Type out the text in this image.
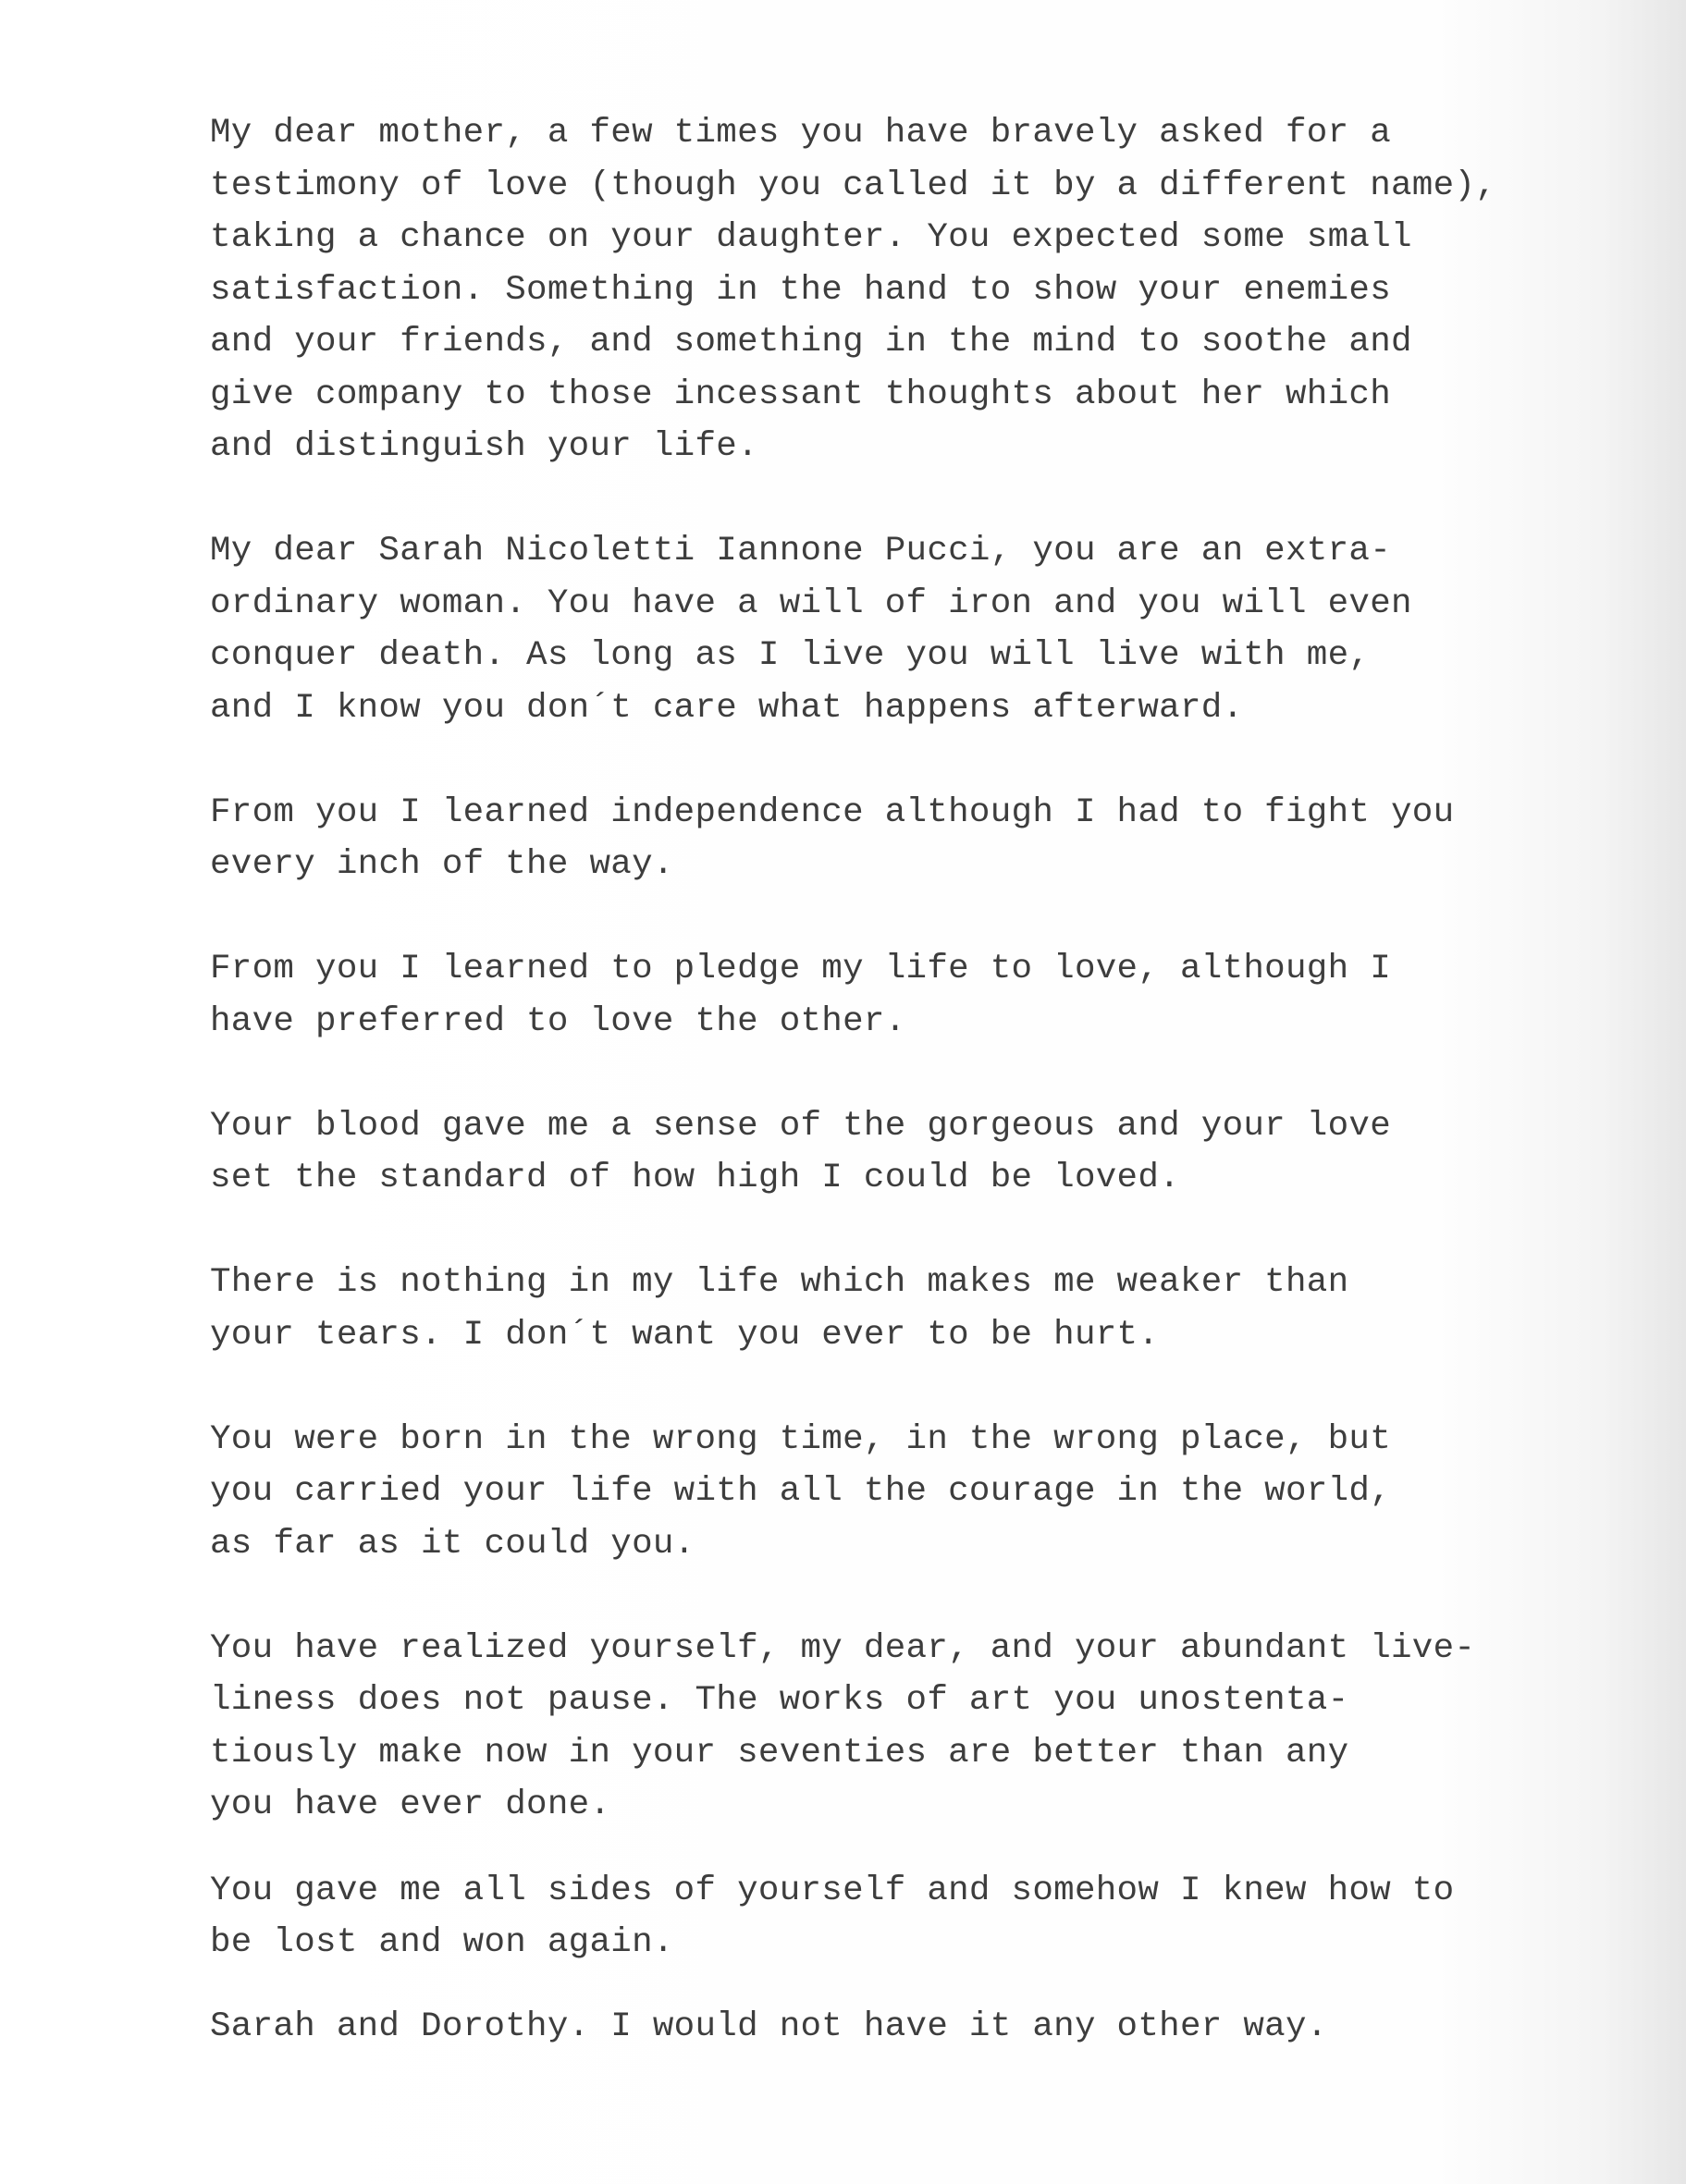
My dear mother, a few times you have bravely asked for a
testimony of love (though you called it by a different name),
taking a chance on your daughter. You expected some small
satisfaction. Something in the hand to show your enemies
and your friends, and something in the mind to soothe and
give company to those incessant thoughts about her which
and distinguish your life.
My dear Sarah Nicoletti Iannone Pucci, you are an extra-
ordinary woman. You have a will of iron and you will even
conquer death. As long as I live you will live with me,
and I know you don´t care what happens afterward.
From you I learned independence although I had to fight you
every inch of the way.
From you I learned to pledge my life to love, although I
have preferred to love the other.
Your blood gave me a sense of the gorgeous and your love
set the standard of how high I could be loved.
There is nothing in my life which makes me weaker than
your tears. I don´t want you ever to be hurt.
You were born in the wrong time, in the wrong place, but
you carried your life with all the courage in the world,
as far as it could you.
You have realized yourself, my dear, and your abundant live-
liness does not pause. The works of art you unostenta-
tiously make now in your seventies are better than any
you have ever done.
You gave me all sides of yourself and somehow I knew how to
be lost and won again.
Sarah and Dorothy. I would not have it any other way.
